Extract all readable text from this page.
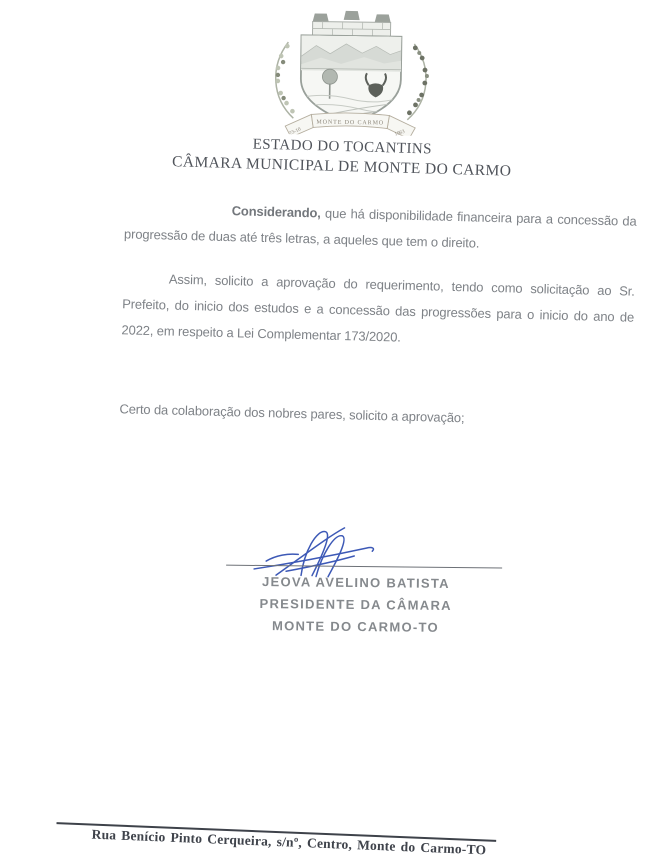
MONTE DO CARMO
23-10	1963
ESTADO DO TOCANTINS
CÂMARA MUNICIPAL DE MONTE DO CARMO

Considerando, que há disponibilidade financeira para a concessão da progressão de duas até três letras, a aqueles que tem o direito.

Assim, solicito a aprovação do requerimento, tendo como solicitação ao Sr. Prefeito, do inicio dos estudos e a concessão das progressões para o inicio do ano de 2022, em respeito a Lei Complementar 173/2020.

Certo da colaboração dos nobres pares, solicito a aprovação;

JEOVA AVELINO BATISTA
PRESIDENTE DA CÂMARA
MONTE DO CARMO-TO
Rua Benício Pinto Cerqueira, s/nº, Centro, Monte do Carmo-TO
